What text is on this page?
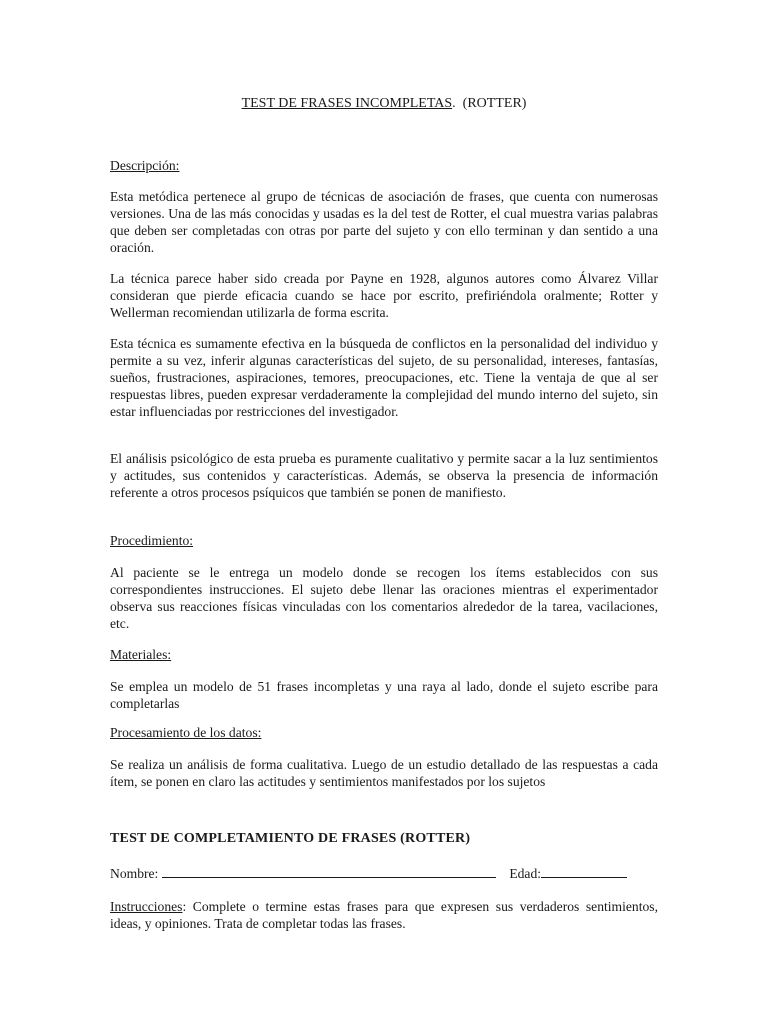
TEST DE FRASES INCOMPLETAS. (ROTTER)

Descripción:

Esta metódica pertenece al grupo de técnicas de asociación de frases, que cuenta con numerosas versiones. Una de las más conocidas y usadas es la del test de Rotter, el cual muestra varias palabras que deben ser completadas con otras por parte del sujeto y con ello terminan y dan sentido a una oración.

La técnica parece haber sido creada por Payne en 1928, algunos autores como Álvarez Villar consideran que pierde eficacia cuando se hace por escrito, prefiriéndola oralmente; Rotter y Wellerman recomiendan utilizarla de forma escrita.

Esta técnica es sumamente efectiva en la búsqueda de conflictos en la personalidad del individuo y permite a su vez, inferir algunas características del sujeto, de su personalidad, intereses, fantasías, sueños, frustraciones, aspiraciones, temores, preocupaciones, etc. Tiene la ventaja de que al ser respuestas libres, pueden expresar verdaderamente la complejidad del mundo interno del sujeto, sin estar influenciadas por restricciones del investigador.

El análisis psicológico de esta prueba es puramente cualitativo y permite sacar a la luz sentimientos y actitudes, sus contenidos y características. Además, se observa la presencia de información referente a otros procesos psíquicos que también se ponen de manifiesto.

Procedimiento:

Al paciente se le entrega un modelo donde se recogen los ítems establecidos con sus correspondientes instrucciones. El sujeto debe llenar las oraciones mientras el experimentador observa sus reacciones físicas vinculadas con los comentarios alrededor de la tarea, vacilaciones, etc.

Materiales:

Se emplea un modelo de 51 frases incompletas y una raya al lado, donde el sujeto escribe para completarlas

Procesamiento de los datos:

Se realiza un análisis de forma cualitativa. Luego de un estudio detallado de las respuestas a cada ítem, se ponen en claro las actitudes y sentimientos manifestados por los sujetos

TEST DE COMPLETAMIENTO DE FRASES (ROTTER)

Nombre:	Edad:

Instrucciones: Complete o termine estas frases para que expresen sus verdaderos sentimientos, ideas, y opiniones. Trata de completar todas las frases.
